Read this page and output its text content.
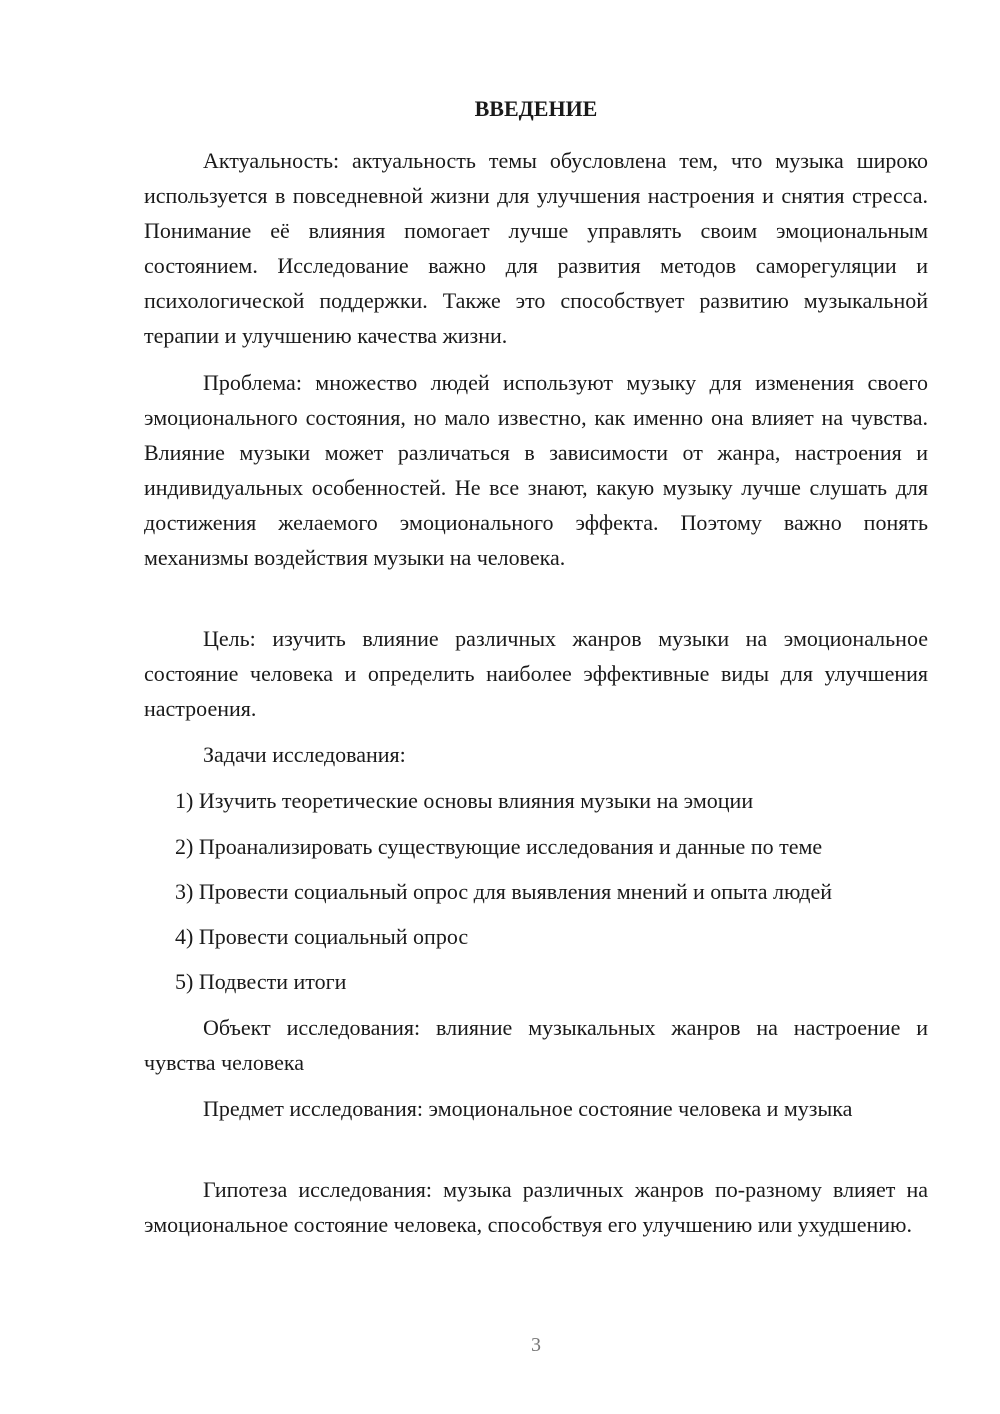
ВВЕДЕНИЕ
Актуальность: актуальность темы обусловлена тем, что музыка широко используется в повседневной жизни для улучшения настроения и снятия стресса. Понимание её влияния помогает лучше управлять своим эмоциональным состоянием. Исследование важно для развития методов саморегуляции и психологической поддержки. Также это способствует развитию музыкальной терапии и улучшению качества жизни.
Проблема: множество людей используют музыку для изменения своего эмоционального состояния, но мало известно, как именно она влияет на чувства. Влияние музыки может различаться в зависимости от жанра, настроения и индивидуальных особенностей. Не все знают, какую музыку лучше слушать для достижения желаемого эмоционального эффекта. Поэтому важно понять механизмы воздействия музыки на человека.
Цель: изучить влияние различных жанров музыки на эмоциональное состояние человека и определить наиболее эффективные виды для улучшения настроения.
Задачи исследования:
1) Изучить теоретические основы влияния музыки на эмоции
2) Проанализировать существующие исследования и данные по теме
3) Провести социальный опрос для выявления мнений и опыта людей
4) Провести социальный опрос
5) Подвести итоги
Объект исследования: влияние музыкальных жанров на настроение и чувства человека
Предмет исследования: эмоциональное состояние человека и музыка
Гипотеза исследования: музыка различных жанров по-разному влияет на эмоциональное состояние человека, способствуя его улучшению или ухудшению.
3
